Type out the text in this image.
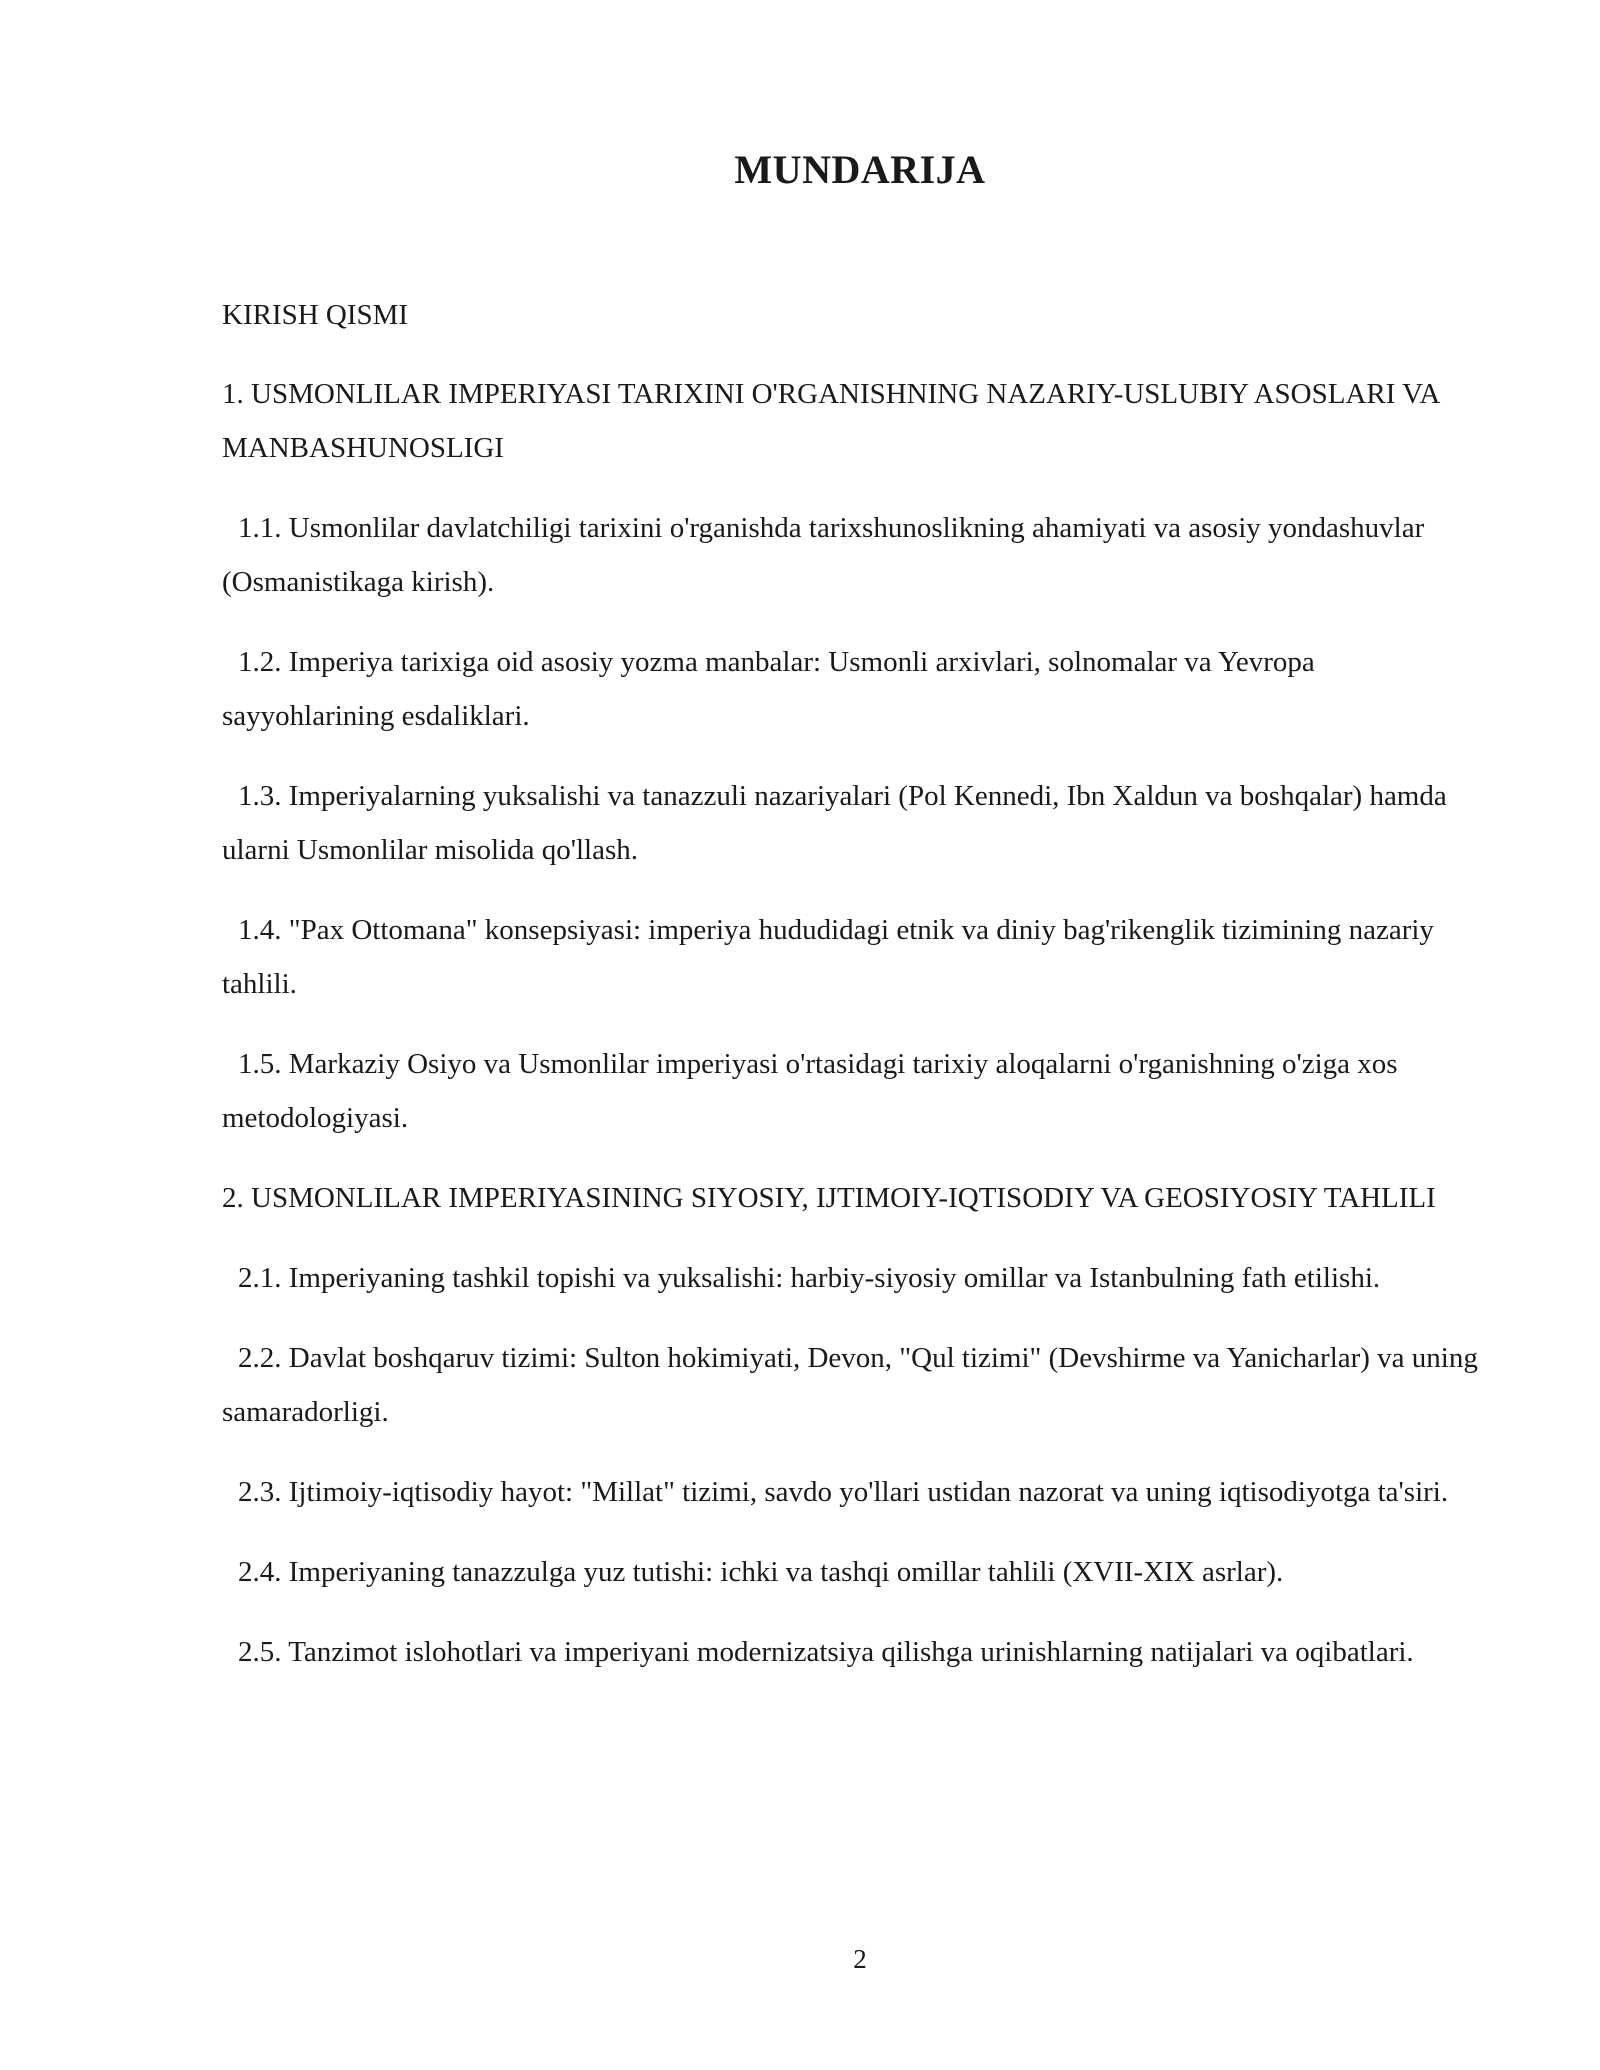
MUNDARIJA

KIRISH QISMI

1. USMONLILAR IMPERIYASI TARIXINI O'RGANISHNING NAZARIY-USLUBIY ASOSLARI VA MANBASHUNOSLIGI

1.1. Usmonlilar davlatchiligi tarixini o'rganishda tarixshunoslikning ahamiyati va asosiy yondashuvlar (Osmanistikaga kirish).

1.2. Imperiya tarixiga oid asosiy yozma manbalar: Usmonli arxivlari, solnomalar va Yevropa sayyohlarining esdaliklari.

1.3. Imperiyalarning yuksalishi va tanazzuli nazariyalari (Pol Kennedi, Ibn Xaldun va boshqalar) hamda ularni Usmonlilar misolida qo'llash.

1.4. "Pax Ottomana" konsepsiyasi: imperiya hududidagi etnik va diniy bag'rikenglik tizimining nazariy tahlili.

1.5. Markaziy Osiyo va Usmonlilar imperiyasi o'rtasidagi tarixiy aloqalarni o'rganishning o'ziga xos metodologiyasi.

2. USMONLILAR IMPERIYASINING SIYOSIY, IJTIMOIY-IQTISODIY VA GEOSIYOSIY TAHLILI

2.1. Imperiyaning tashkil topishi va yuksalishi: harbiy-siyosiy omillar va Istanbulning fath etilishi.

2.2. Davlat boshqaruv tizimi: Sulton hokimiyati, Devon, "Qul tizimi" (Devshirme va Yanicharlar) va uning samaradorligi.

2.3. Ijtimoiy-iqtisodiy hayot: "Millat" tizimi, savdo yo'llari ustidan nazorat va uning iqtisodiyotga ta'siri.

2.4. Imperiyaning tanazzulga yuz tutishi: ichki va tashqi omillar tahlili (XVII-XIX asrlar).

2.5. Tanzimot islohotlari va imperiyani modernizatsiya qilishga urinishlarning natijalari va oqibatlari.

2
